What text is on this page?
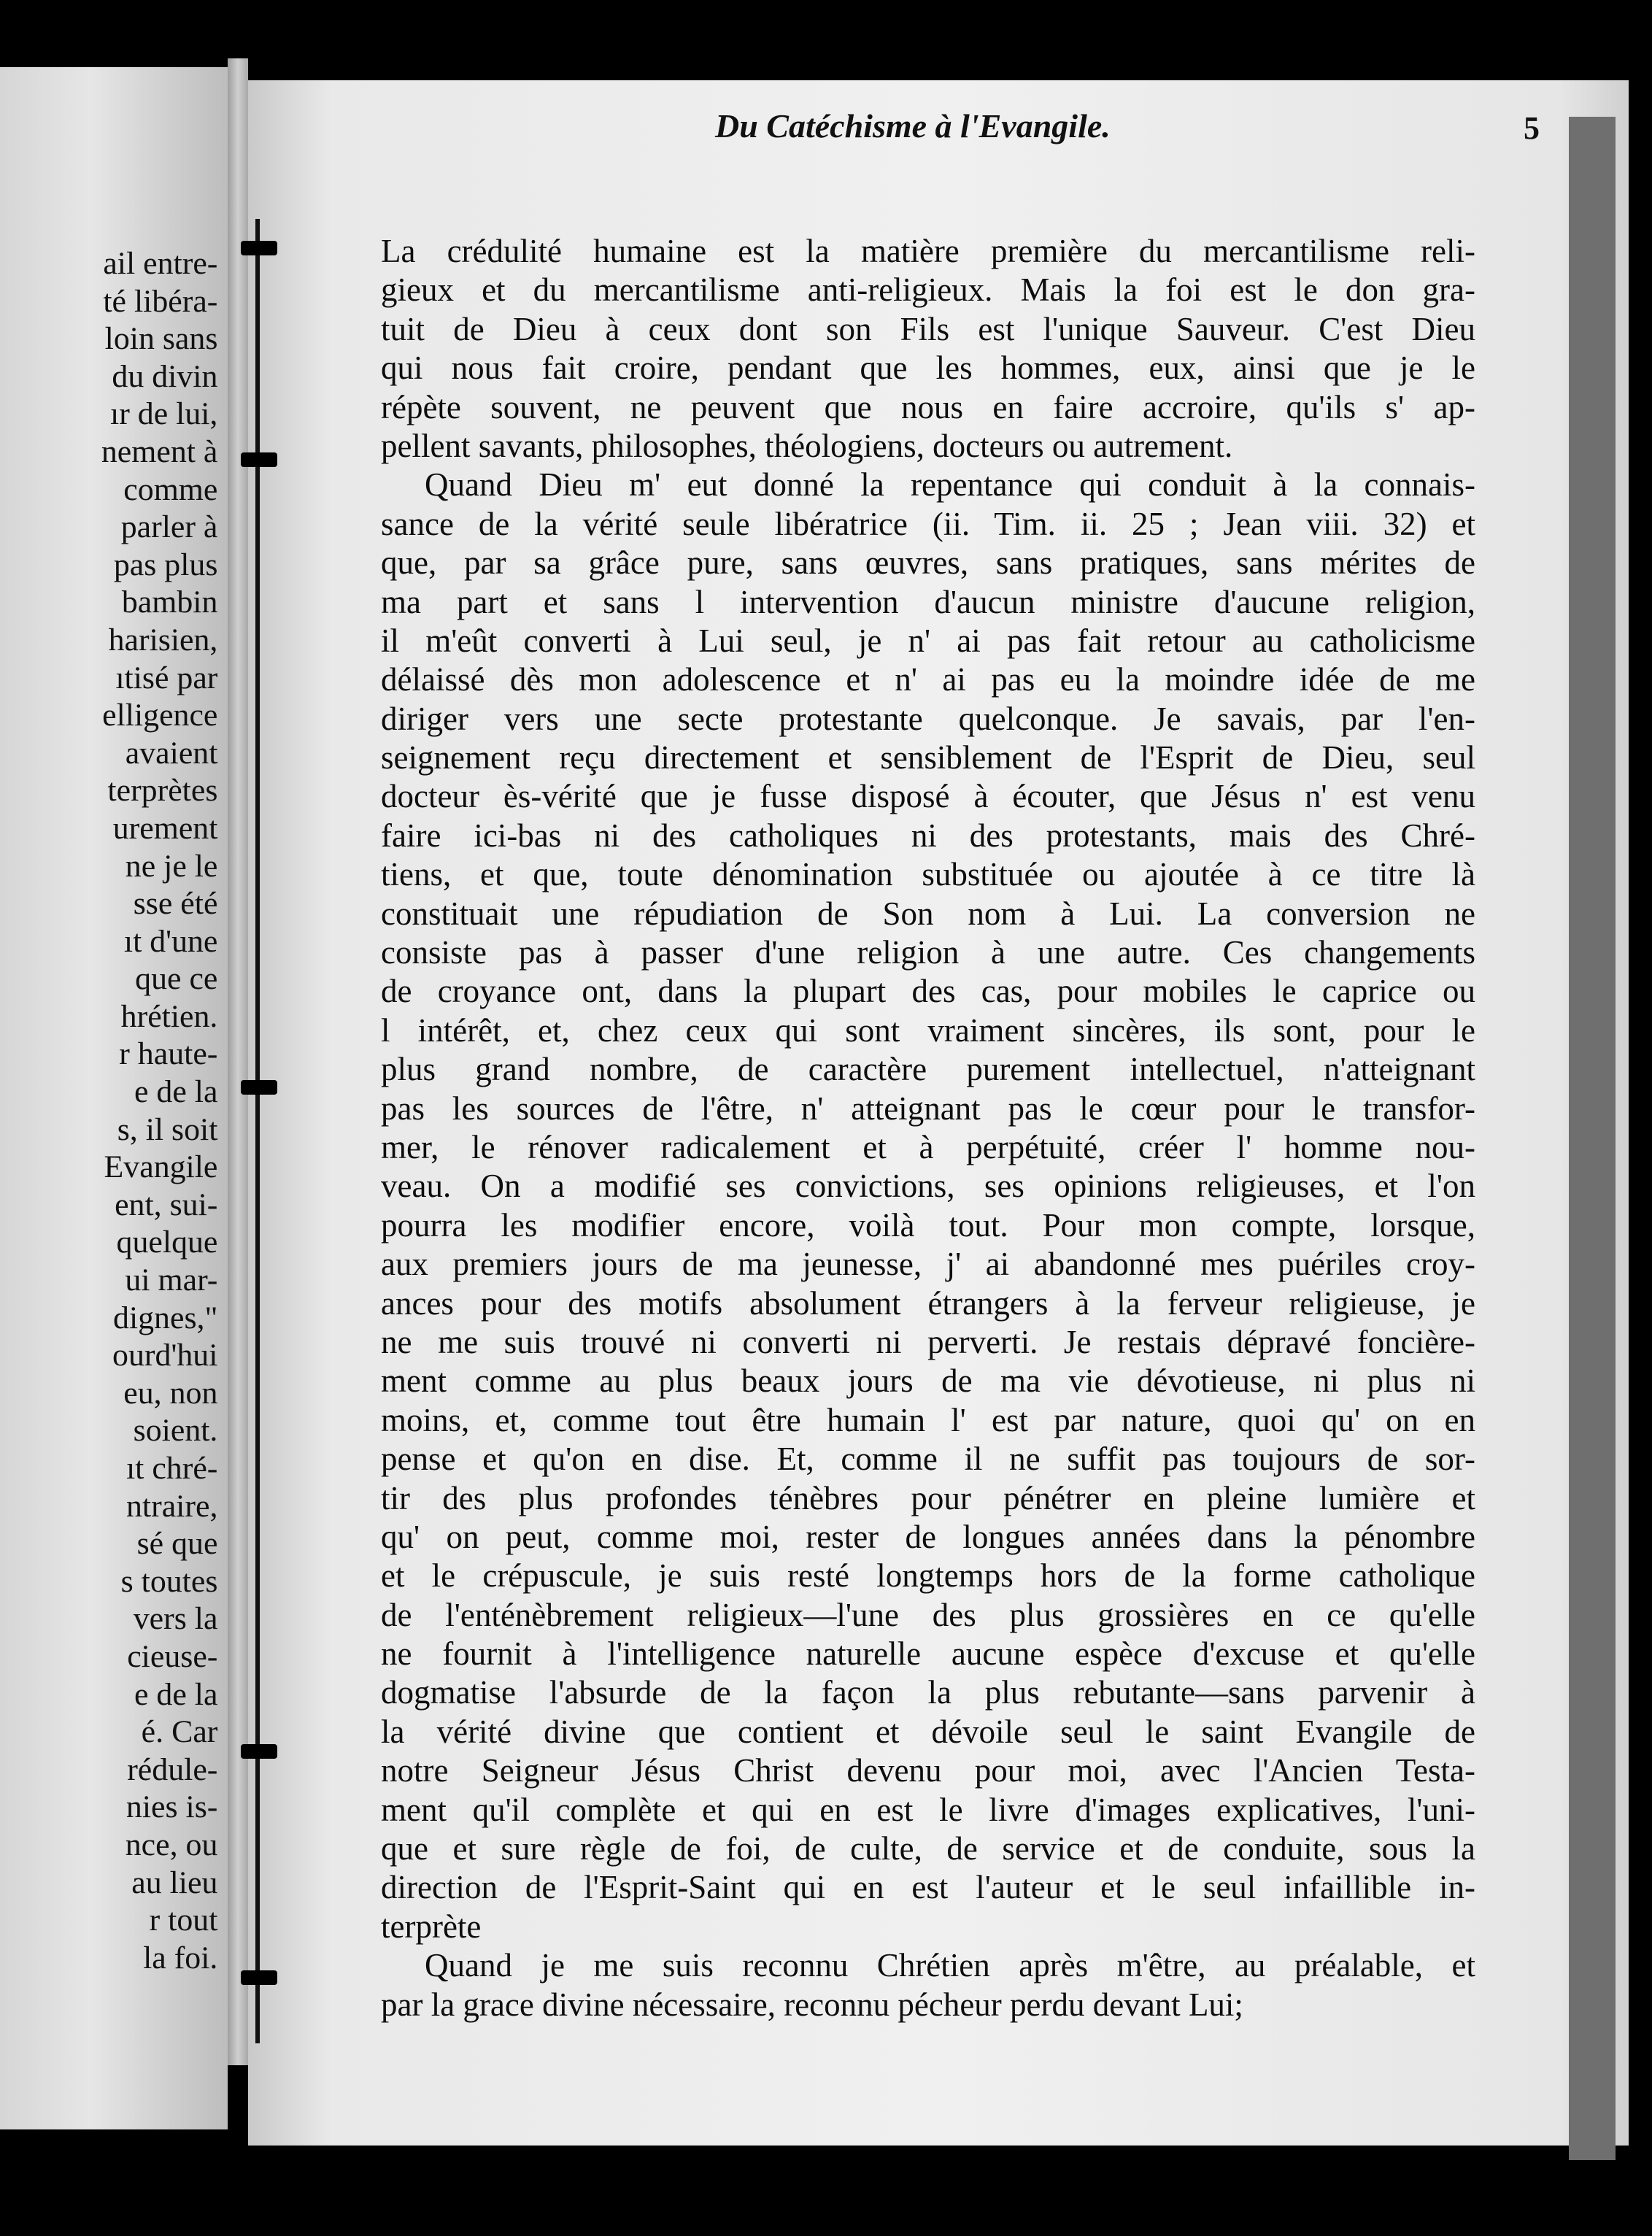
ail entre-
té libéra-
loin sans
du divin
ır de lui,
nement à
comme
parler à
pas plus
bambin
harisien,
ıtisé par
elligence
avaient
terprètes
urement
ne je le
sse été
ıt d'une
que ce
hrétien.
r haute-
e de la
s, il soit
Evangile
ent, sui-
quelque
ui mar-
dignes,"
ourd'hui
eu, non
soient.
ıt chré-
ntraire,
sé que
s toutes
vers la
cieuse-
e de la
é. Car
rédule-
nies is-
nce, ou
au lieu
r tout
la foi.
Du Catéchisme à l'Evangile.	5
La crédulité humaine est la matière première du mercantilisme reli-
gieux et du mercantilisme anti-religieux. Mais la foi est le don gra-
tuit de Dieu à ceux dont son Fils est l'unique Sauveur. C'est Dieu
qui nous fait croire, pendant que les hommes, eux, ainsi que je le
répète souvent, ne peuvent que nous en faire accroire, qu'ils s' ap-
pellent savants, philosophes, théologiens, docteurs ou autrement.
Quand Dieu m' eut donné la repentance qui conduit à la connais-
sance de la vérité seule libératrice (ii. Tim. ii. 25 ; Jean viii. 32) et
que, par sa grâce pure, sans œuvres, sans pratiques, sans mérites de
ma part et sans l intervention d'aucun ministre d'aucune religion,
il m'eût converti à Lui seul, je n' ai pas fait retour au catholicisme
délaissé dès mon adolescence et n' ai pas eu la moindre idée de me
diriger vers une secte protestante quelconque. Je savais, par l'en-
seignement reçu directement et sensiblement de l'Esprit de Dieu, seul
docteur ès-vérité que je fusse disposé à écouter, que Jésus n' est venu
faire ici-bas ni des catholiques ni des protestants, mais des Chré-
tiens, et que, toute dénomination substituée ou ajoutée à ce titre là
constituait une répudiation de Son nom à Lui. La conversion ne
consiste pas à passer d'une religion à une autre. Ces changements
de croyance ont, dans la plupart des cas, pour mobiles le caprice ou
l intérêt, et, chez ceux qui sont vraiment sincères, ils sont, pour le
plus grand nombre, de caractère purement intellectuel, n'atteignant
pas les sources de l'être, n' atteignant pas le cœur pour le transfor-
mer, le rénover radicalement et à perpétuité, créer l' homme nou-
veau. On a modifié ses convictions, ses opinions religieuses, et l'on
pourra les modifier encore, voilà tout. Pour mon compte, lorsque,
aux premiers jours de ma jeunesse, j' ai abandonné mes puériles croy-
ances pour des motifs absolument étrangers à la ferveur religieuse, je
ne me suis trouvé ni converti ni perverti. Je restais dépravé foncière-
ment comme au plus beaux jours de ma vie dévotieuse, ni plus ni
moins, et, comme tout être humain l' est par nature, quoi qu' on en
pense et qu'on en dise. Et, comme il ne suffit pas toujours de sor-
tir des plus profondes ténèbres pour pénétrer en pleine lumière et
qu' on peut, comme moi, rester de longues années dans la pénombre
et le crépuscule, je suis resté longtemps hors de la forme catholique
de l'enténèbrement religieux—l'une des plus grossières en ce qu'elle
ne fournit à l'intelligence naturelle aucune espèce d'excuse et qu'elle
dogmatise l'absurde de la façon la plus rebutante—sans parvenir à
la vérité divine que contient et dévoile seul le saint Evangile de
notre Seigneur Jésus Christ devenu pour moi, avec l'Ancien Testa-
ment qu'il complète et qui en est le livre d'images explicatives, l'uni-
que et sure règle de foi, de culte, de service et de conduite, sous la
direction de l'Esprit-Saint qui en est l'auteur et le seul infaillible in-
terprète
Quand je me suis reconnu Chrétien après m'être, au préalable, et
par la grace divine nécessaire, reconnu pécheur perdu devant Lui;
